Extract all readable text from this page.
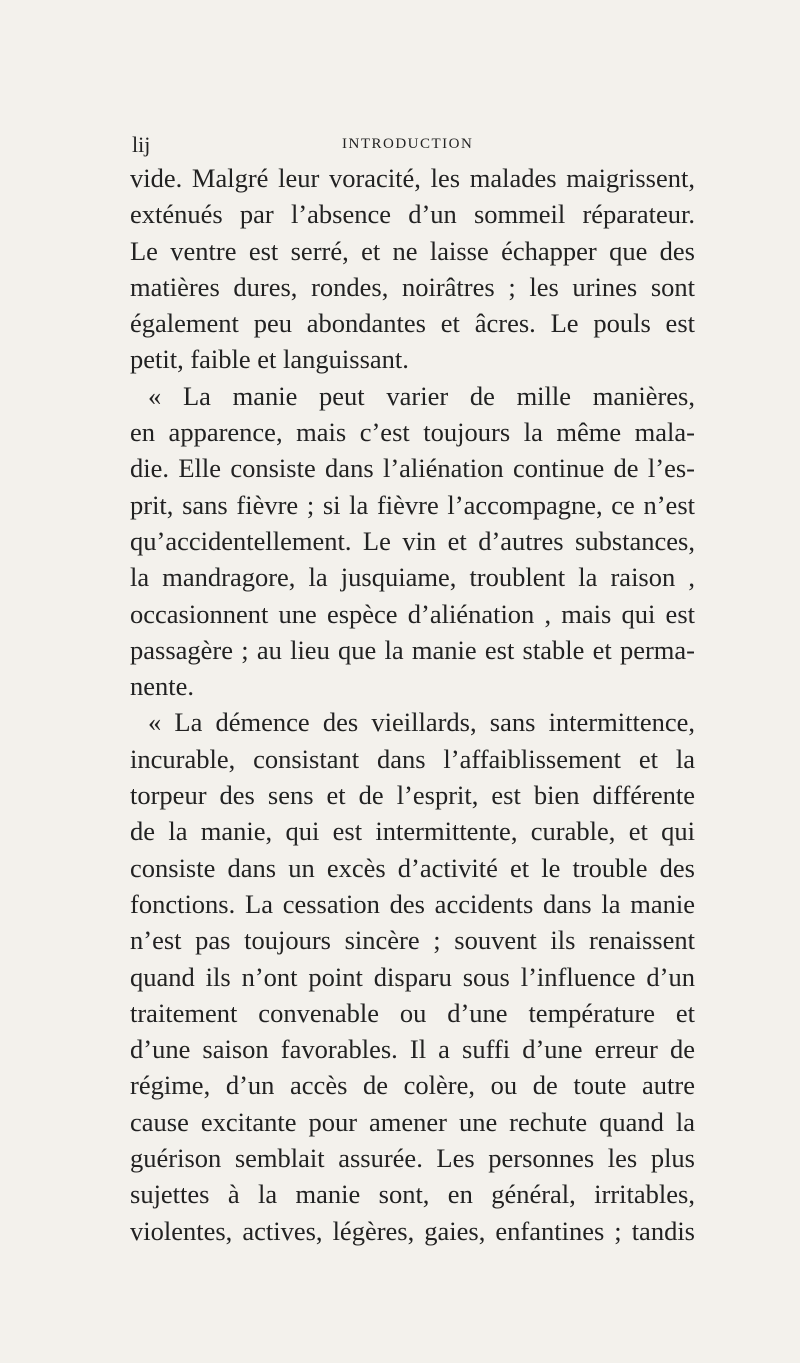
lij	INTRODUCTION
vide. Malgré leur voracité, les malades maigrissent,
exténués par l’absence d’un sommeil réparateur.
Le ventre est serré, et ne laisse échapper que des
matières dures, rondes, noirâtres ; les urines sont
également peu abondantes et âcres. Le pouls est
petit, faible et languissant.
« La manie peut varier de mille manières,
en apparence, mais c’est toujours la même mala-
die. Elle consiste dans l’aliénation continue de l’es-
prit, sans fièvre ; si la fièvre l’accompagne, ce n’est
qu’accidentellement. Le vin et d’autres substances,
la mandragore, la jusquiame, troublent la raison ,
occasionnent une espèce d’aliénation , mais qui est
passagère ; au lieu que la manie est stable et perma-
nente.
« La démence des vieillards, sans intermittence,
incurable, consistant dans l’affaiblissement et la
torpeur des sens et de l’esprit, est bien différente
de la manie, qui est intermittente, curable, et qui
consiste dans un excès d’activité et le trouble des
fonctions. La cessation des accidents dans la manie
n’est pas toujours sincère ; souvent ils renaissent
quand ils n’ont point disparu sous l’influence d’un
traitement convenable ou d’une température et
d’une saison favorables. Il a suffi d’une erreur de
régime, d’un accès de colère, ou de toute autre
cause excitante pour amener une rechute quand la
guérison semblait assurée. Les personnes les plus
sujettes à la manie sont, en général, irritables,
violentes, actives, légères, gaies, enfantines ; tandis
